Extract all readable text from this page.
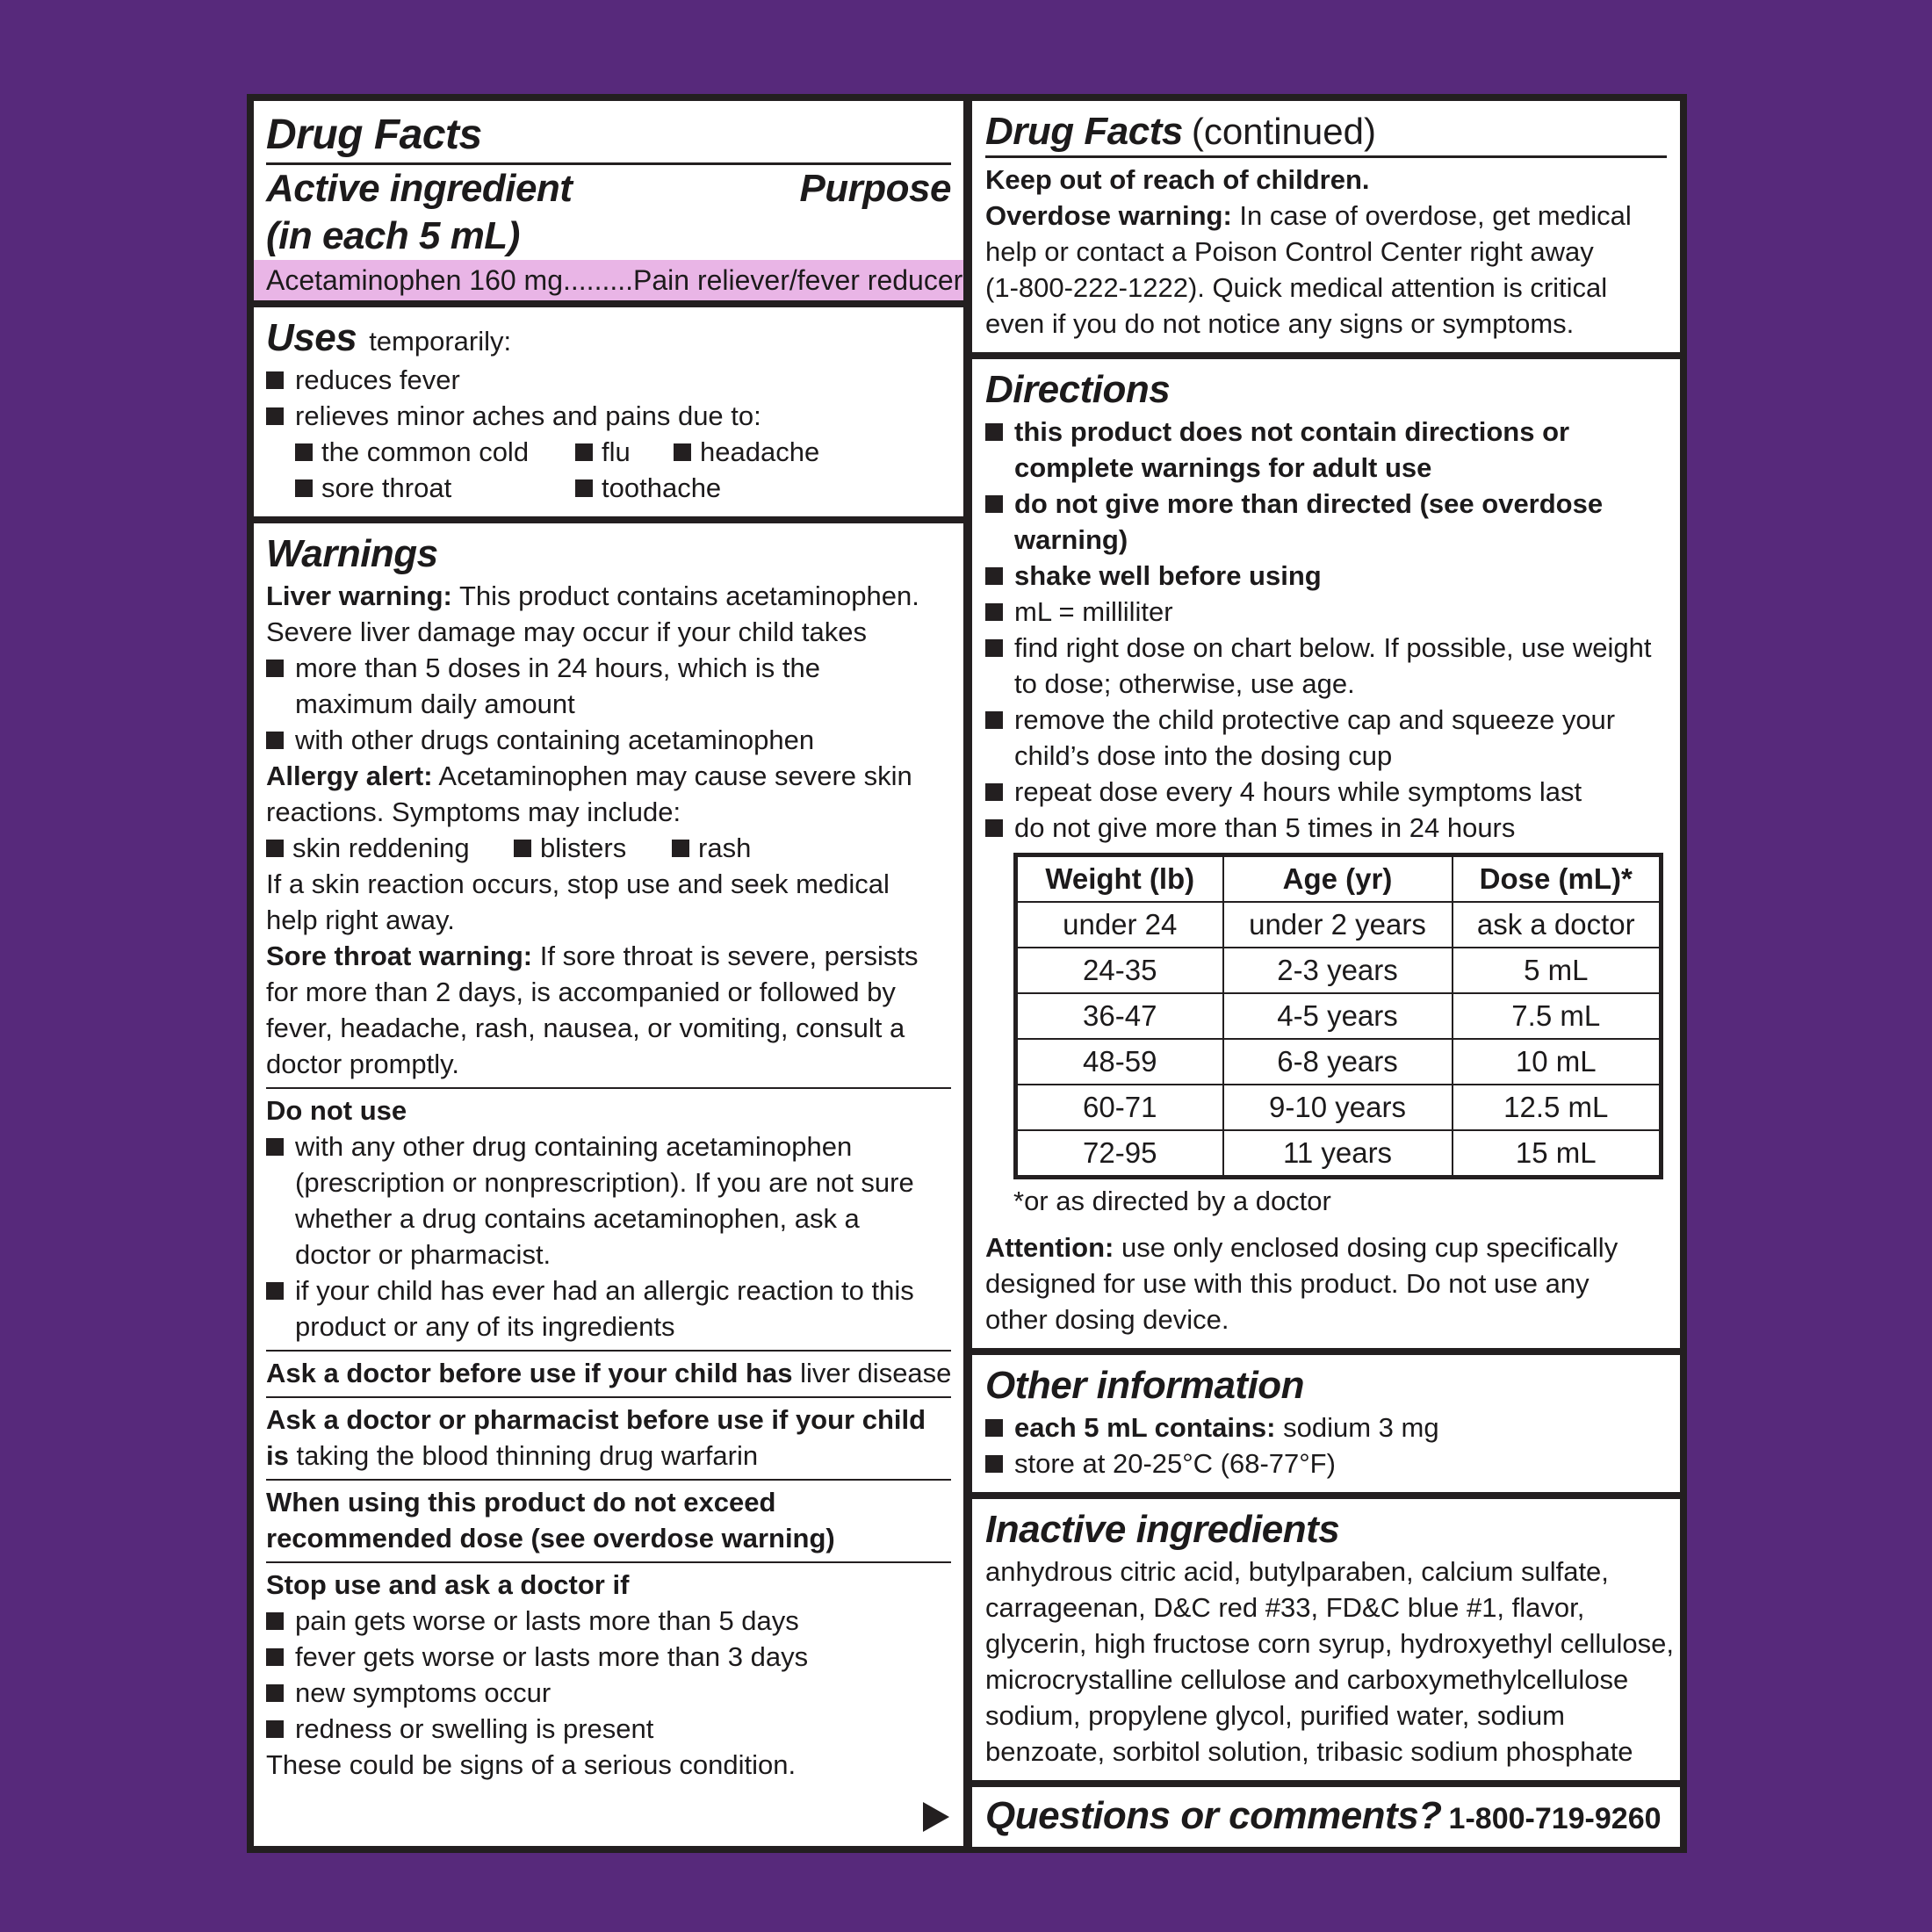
Drug Facts
Active ingredient
(in each 5 mL)
Purpose
Acetaminophen 160 mg.........Pain reliever/fever reducer
Uses temporarily:
reduces fever
relieves minor aches and pains due to:
the common cold	flu	headache
sore throat	toothache
Warnings
Liver warning: This product contains acetaminophen.
Severe liver damage may occur if your child takes
more than 5 doses in 24 hours, which is the
maximum daily amount
with other drugs containing acetaminophen
Allergy alert: Acetaminophen may cause severe skin
reactions. Symptoms may include:
skin reddening	blisters	rash
If a skin reaction occurs, stop use and seek medical
help right away.
Sore throat warning: If sore throat is severe, persists
for more than 2 days, is accompanied or followed by
fever, headache, rash, nausea, or vomiting, consult a
doctor promptly.
Do not use
with any other drug containing acetaminophen
(prescription or nonprescription). If you are not sure
whether a drug contains acetaminophen, ask a
doctor or pharmacist.
if your child has ever had an allergic reaction to this
product or any of its ingredients
Ask a doctor before use if your child has liver disease
Ask a doctor or pharmacist before use if your child
is taking the blood thinning drug warfarin
When using this product do not exceed
recommended dose (see overdose warning)
Stop use and ask a doctor if
pain gets worse or lasts more than 5 days
fever gets worse or lasts more than 3 days
new symptoms occur
redness or swelling is present
These could be signs of a serious condition.
Drug Facts (continued)
Keep out of reach of children.
Overdose warning: In case of overdose, get medical
help or contact a Poison Control Center right away
(1-800-222-1222). Quick medical attention is critical
even if you do not notice any signs or symptoms.
Directions
this product does not contain directions or
complete warnings for adult use
do not give more than directed (see overdose
warning)
shake well before using
mL = milliliter
find right dose on chart below. If possible, use weight
to dose; otherwise, use age.
remove the child protective cap and squeeze your
child’s dose into the dosing cup
repeat dose every 4 hours while symptoms last
do not give more than 5 times in 24 hours
Weight (lb)	Age (yr)	Dose (mL)*
under 24	under 2 years	ask a doctor
24-35	2-3 years	5 mL
36-47	4-5 years	7.5 mL
48-59	6-8 years	10 mL
60-71	9-10 years	12.5 mL
72-95	11 years	15 mL
*or as directed by a doctor
Attention: use only enclosed dosing cup specifically
designed for use with this product. Do not use any
other dosing device.
Other information
each 5 mL contains: sodium 3 mg
store at 20-25°C (68-77°F)
Inactive ingredients
anhydrous citric acid, butylparaben, calcium sulfate,
carrageenan, D&C red #33, FD&C blue #1, flavor,
glycerin, high fructose corn syrup, hydroxyethyl cellulose,
microcrystalline cellulose and carboxymethylcellulose
sodium, propylene glycol, purified water, sodium
benzoate, sorbitol solution, tribasic sodium phosphate
Questions or comments? 1-800-719-9260
